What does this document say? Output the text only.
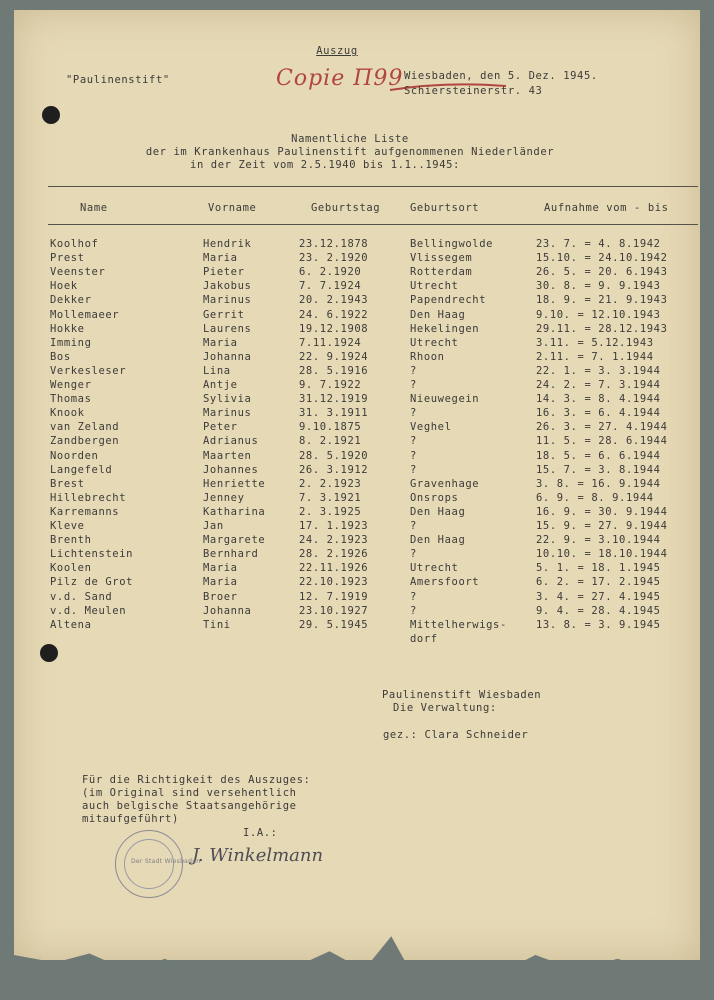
Auszug
"Paulinenstift"	Copie Π99 Wiesbaden, den 5. Dez. 1945.
Schiersteinerstr. 43
Namentliche Liste
der im Krankenhaus Paulinenstift aufgenommenen Niederländer
in der Zeit vom 2.5.1940 bis 1.1..1945:
Name	Vorname	Geburtstag	Geburtsort	Aufnahme vom - bis
Koolhof	Hendrik	23.12.1878	Bellingwolde	23. 7. = 4. 8.1942
Prest	Maria	23. 2.1920	Vlissegem	15.10. = 24.10.1942
Veenster	Pieter	6. 2.1920	Rotterdam	26. 5. = 20. 6.1943
Hoek	Jakobus	7. 7.1924	Utrecht	30. 8. = 9. 9.1943
Dekker	Marinus	20. 2.1943	Papendrecht	18. 9. = 21. 9.1943
Mollemaeer	Gerrit	24. 6.1922	Den Haag	9.10. = 12.10.1943
Hokke	Laurens	19.12.1908	Hekelingen	29.11. = 28.12.1943
Imming	Maria	7.11.1924	Utrecht	3.11. = 5.12.1943
Bos	Johanna	22. 9.1924	Rhoon	2.11. = 7. 1.1944
Verkesleser	Lina	28. 5.1916	?	22. 1. = 3. 3.1944
Wenger	Antje	9. 7.1922	?	24. 2. = 7. 3.1944
Thomas	Sylivia	31.12.1919	Nieuwegein	14. 3. = 8. 4.1944
Knook	Marinus	31. 3.1911	?	16. 3. = 6. 4.1944
van Zeland	Peter	9.10.1875	Veghel	26. 3. = 27. 4.1944
Zandbergen	Adrianus	8. 2.1921	?	11. 5. = 28. 6.1944
Noorden	Maarten	28. 5.1920	?	18. 5. = 6. 6.1944
Langefeld	Johannes	26. 3.1912	?	15. 7. = 3. 8.1944
Brest	Henriette	2. 2.1923	Gravenhage	3. 8. = 16. 9.1944
Hillebrecht	Jenney	7. 3.1921	Onsrops	6. 9. = 8. 9.1944
Karremanns	Katharina	2. 3.1925	Den Haag	16. 9. = 30. 9.1944
Kleve	Jan	17. 1.1923	?	15. 9. = 27. 9.1944
Brenth	Margarete	24. 2.1923	Den Haag	22. 9. = 3.10.1944
Lichtenstein	Bernhard	28. 2.1926	?	10.10. = 18.10.1944
Koolen	Maria	22.11.1926	Utrecht	5. 1. = 18. 1.1945
Pilz de Grot	Maria	22.10.1923	Amersfoort	6. 2. = 17. 2.1945
v.d. Sand	Broer	12. 7.1919	?	3. 4. = 27. 4.1945
v.d. Meulen	Johanna	23.10.1927	?	9. 4. = 28. 4.1945
Altena	Tini	29. 5.1945	Mittelherwigs-	13. 8. = 3. 9.1945
dorf
Paulinenstift Wiesbaden
Die Verwaltung:
gez.: Clara Schneider
Für die Richtigkeit des Auszuges:
(im Original sind versehentlich
auch belgische Staatsangehörige
mitaufgeführt)
I.A.:
J. Winkelmann
Der Stadt Wiesbaden
